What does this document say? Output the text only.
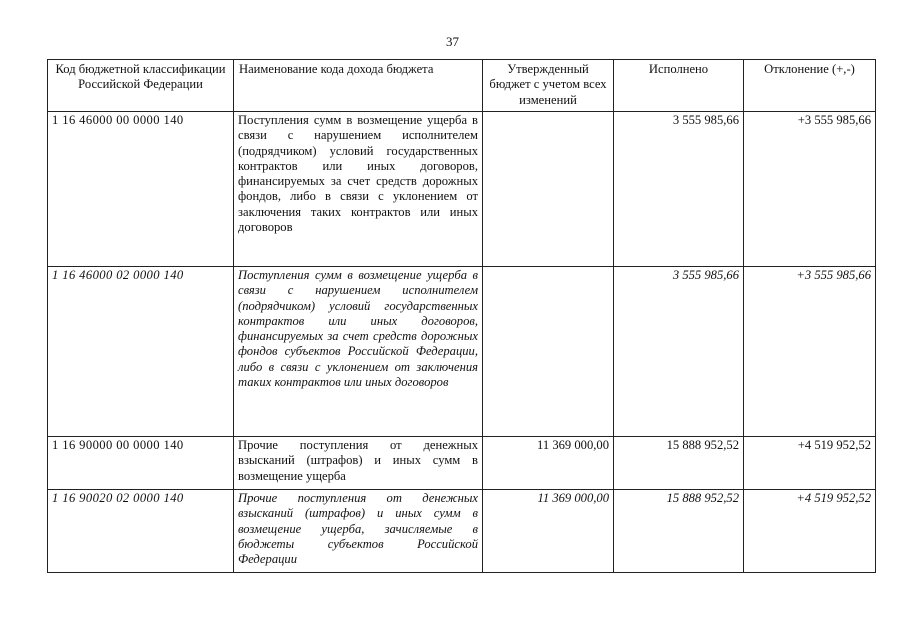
37
Код бюджетной классификации Российской Федерации	Наименование кода дохода бюджета	Утвержденный бюджет с учетом всех изменений	Исполнено	Отклонение (+,-)
1 16 46000 00 0000 140	Поступления сумм в возмещение ущерба в связи с нарушением исполнителем (подрядчиком) условий государственных контрактов или иных договоров, финансируемых за счет средств дорожных фондов, либо в связи с уклонением от заключения таких контрактов или иных договоров		3 555 985,66	+3 555 985,66
1 16 46000 02 0000 140	Поступления сумм в возмещение ущерба в связи с нарушением исполнителем (подрядчиком) условий государственных контрактов или иных договоров, финансируемых за счет средств дорожных фондов субъектов Российской Федерации, либо в связи с уклонением от заключения таких контрактов или иных договоров		3 555 985,66	+3 555 985,66
1 16 90000 00 0000 140	Прочие поступления от денежных взысканий (штрафов) и иных сумм в возмещение ущерба	11 369 000,00	15 888 952,52	+4 519 952,52
1 16 90020 02 0000 140	Прочие поступления от денежных взысканий (штрафов) и иных сумм в возмещение ущерба, зачисляемые в бюджеты субъектов Российской Федерации	11 369 000,00	15 888 952,52	+4 519 952,52
